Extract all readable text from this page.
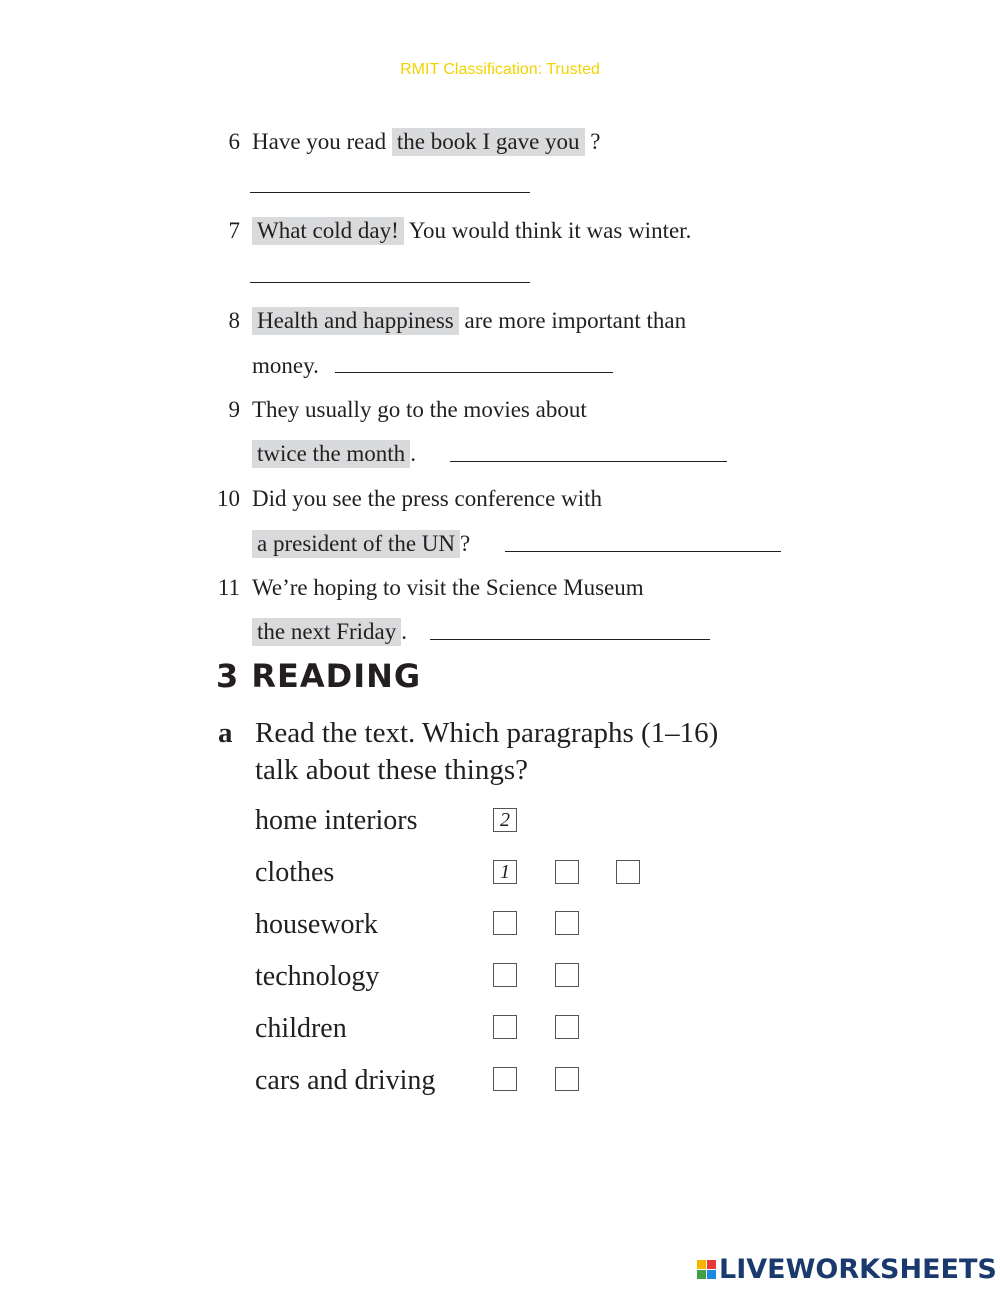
RMIT Classification: Trusted
6 Have you read the book I gave you ?
7 What cold day! You would think it was winter.
8 Health and happiness are more important than
money.
9 They usually go to the movies about
twice the month .
10 Did you see the press conference with
a president of the UN ?
11 We’re hoping to visit the Science Museum
the next Friday .
3 READING
a Read the text. Which paragraphs (1–16)
talk about these things?
home interiors	2
clothes	1
housework
technology
children
cars and driving
LIVEWORKSHEETS
